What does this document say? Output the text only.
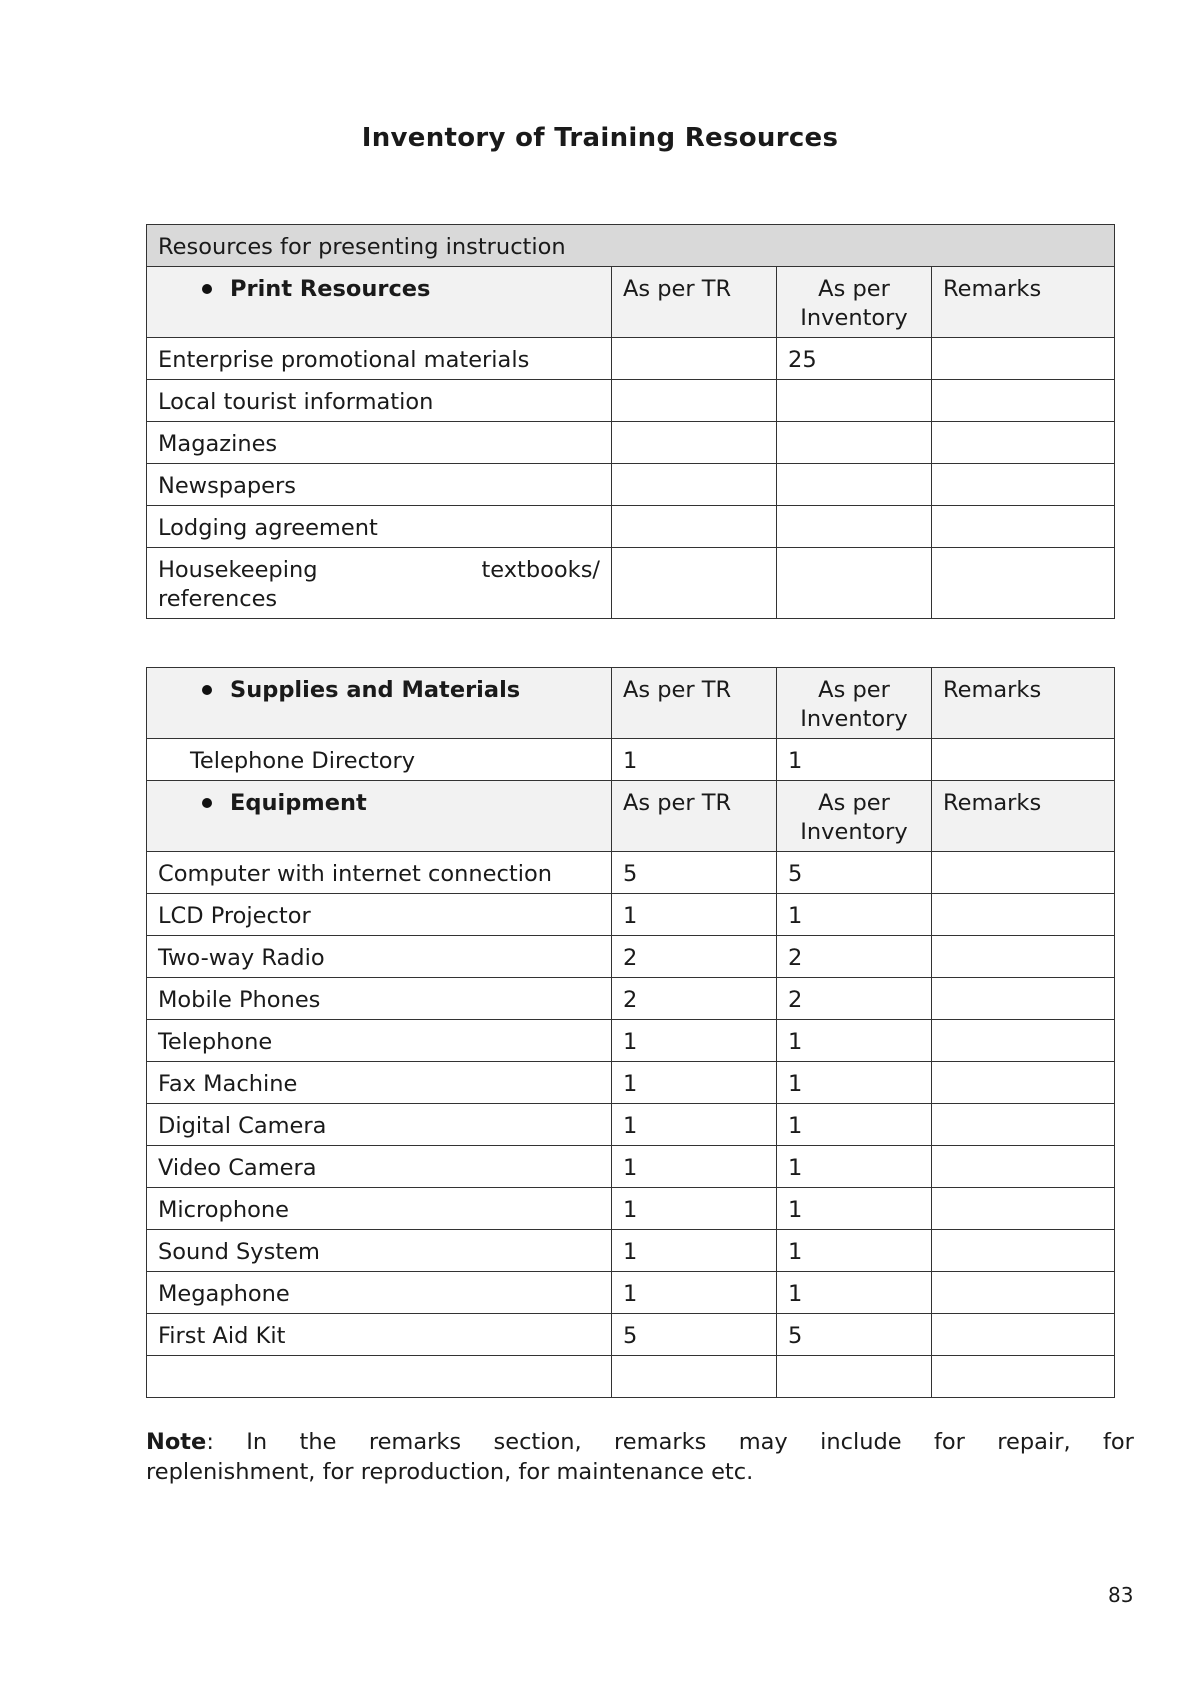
Inventory of Training Resources
Resources for presenting instruction			

Print Resources	As per TR	As per
Inventory	Remarks
Enterprise promotional materials		25	
Local tourist information			
Magazines			
Newspapers			
Lodging agreement			

Housekeeping textbooks/
references			

Supplies and Materials	As per TR	As per
Inventory	Remarks
Telephone Directory	1	1	

Equipment	As per TR	As per
Inventory	Remarks
Computer with internet connection	5	5	
LCD Projector	1	1	
Two-way Radio	2	2	
Mobile Phones	2	2	
Telephone	1	1	
Fax Machine	1	1	
Digital Camera	1	1	
Video Camera	1	1	
Microphone	1	1	
Sound System	1	1	
Megaphone	1	1	
First Aid Kit	5	5	

Note: In the remarks section, remarks may include for repair, for
replenishment, for reproduction, for maintenance etc.
83
